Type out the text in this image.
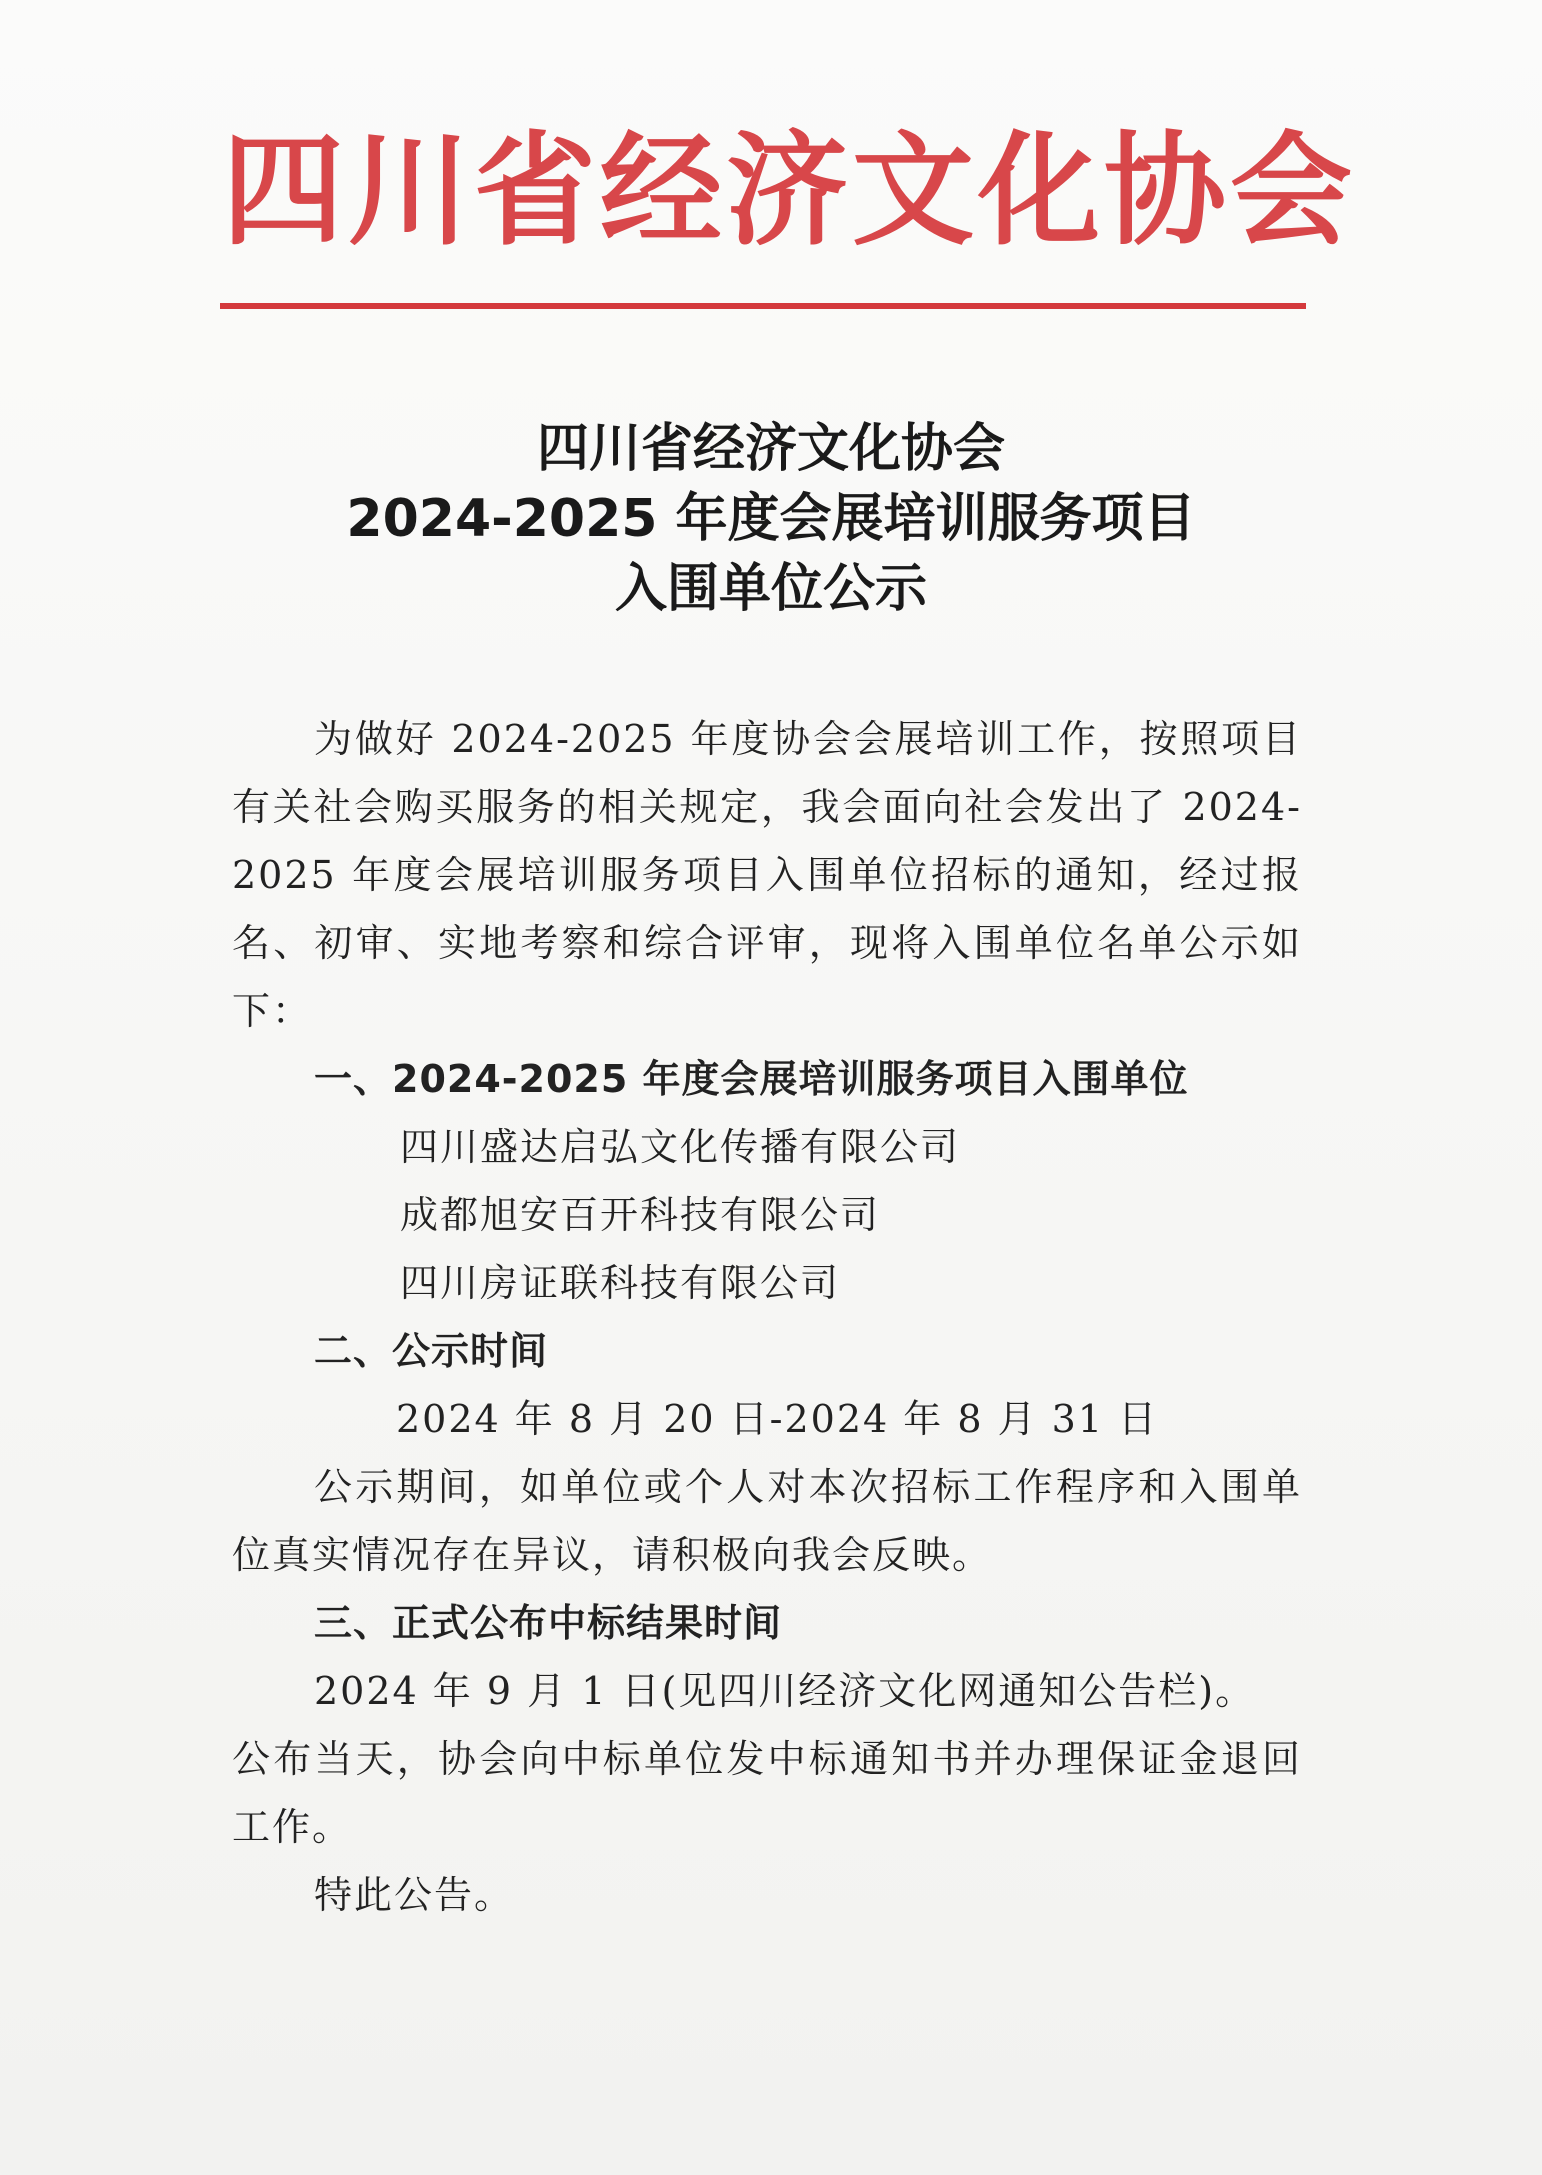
四川省经济文化协会
四川省经济文化协会
2024-2025 年度会展培训服务项目
入围单位公示

为做好 2024-2025 年度协会会展培训工作，按照项目有关社会购买服务的相关规定，我会面向社会发出了 2024-2025 年度会展培训服务项目入围单位招标的通知，经过报名、初审、实地考察和综合评审，现将入围单位名单公示如下：

一、2024-2025 年度会展培训服务项目入围单位

四川盛达启弘文化传播有限公司

成都旭安百开科技有限公司

四川房证联科技有限公司

二、公示时间

2024 年 8 月 20 日-2024 年 8 月 31 日

公示期间，如单位或个人对本次招标工作程序和入围单位真实情况存在异议，请积极向我会反映。

三、正式公布中标结果时间

2024 年 9 月 1 日(见四川经济文化网通知公告栏)。

公布当天，协会向中标单位发中标通知书并办理保证金退回工作。

特此公告。
